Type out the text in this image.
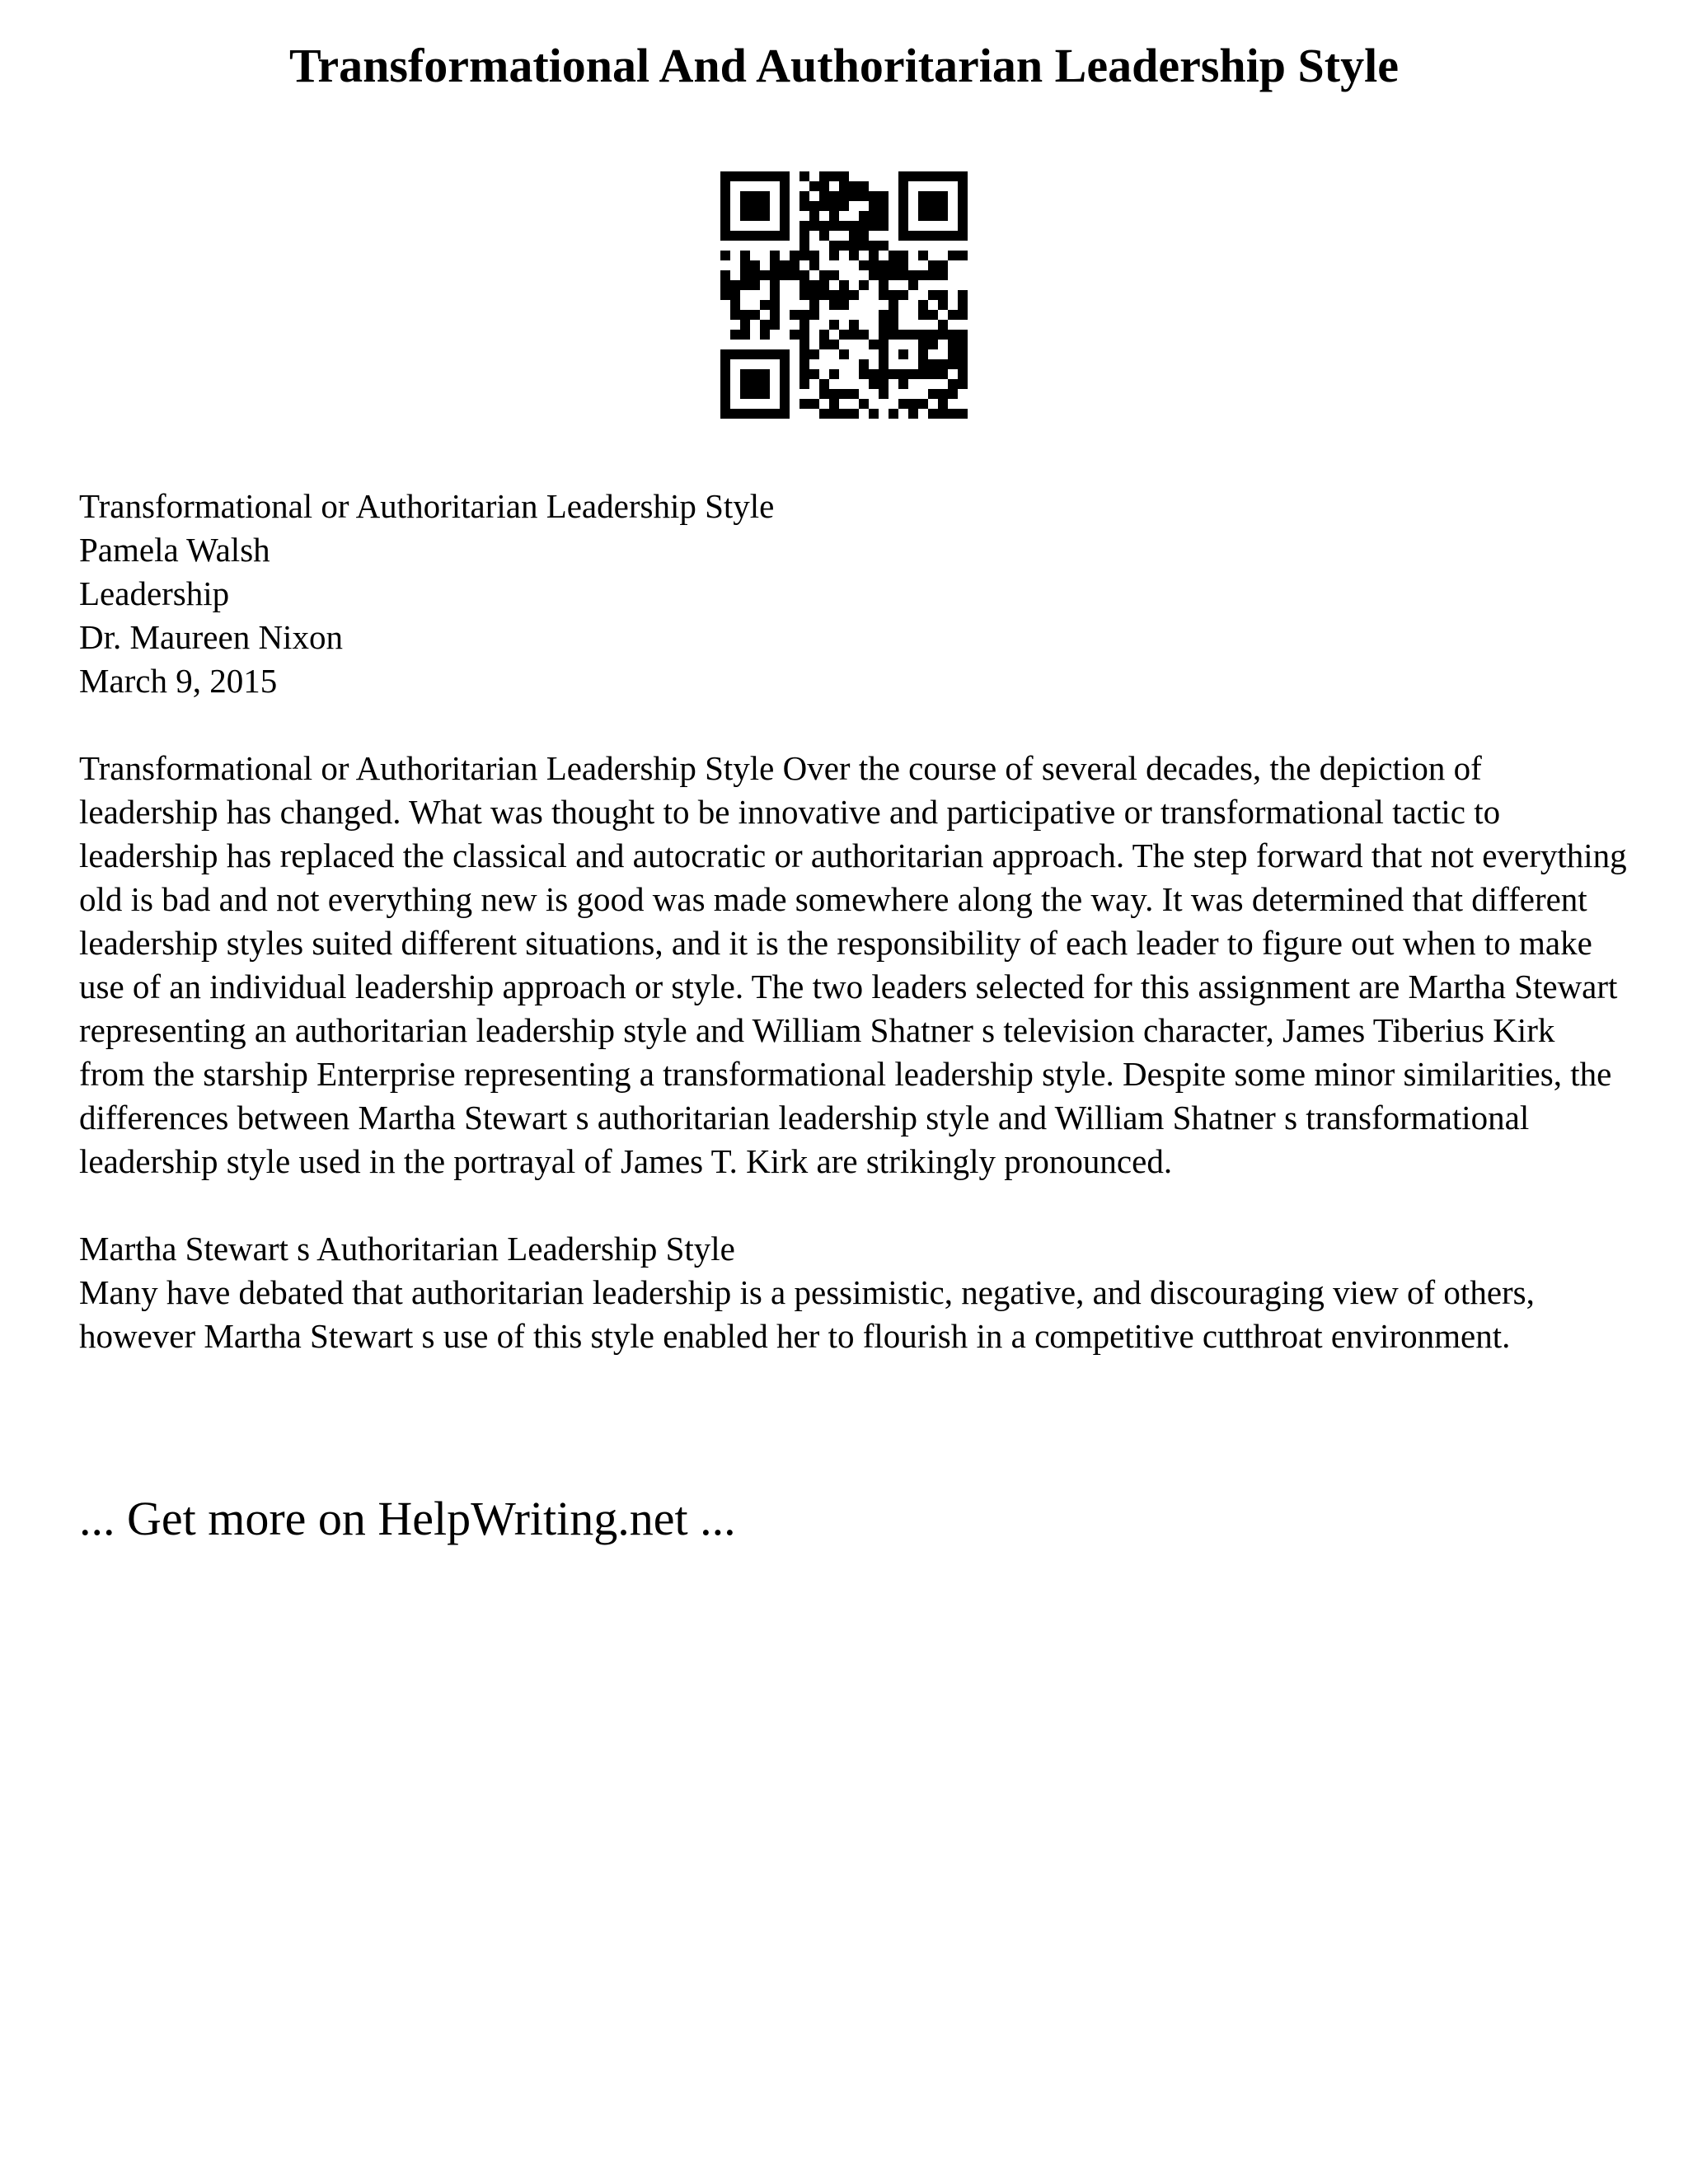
Transformational And Authoritarian Leadership Style
Transformational or Authoritarian Leadership Style
Pamela Walsh
Leadership
Dr. Maureen Nixon
March 9, 2015

Transformational or Authoritarian Leadership Style Over the course of several decades, the depiction of leadership has changed. What was thought to be innovative and participative or transformational tactic to leadership has replaced the classical and autocratic or authoritarian approach. The step forward that not everything old is bad and not everything new is good was made somewhere along the way. It was determined that different leadership styles suited different situations, and it is the responsibility of each leader to figure out when to make use of an individual leadership approach or style. The two leaders selected for this assignment are Martha Stewart representing an authoritarian leadership style and William Shatner s television character, James Tiberius Kirk from the starship Enterprise representing a transformational leadership style. Despite some minor similarities, the differences between Martha Stewart s authoritarian leadership style and William Shatner s transformational leadership style used in the portrayal of James T. Kirk are strikingly pronounced.

Martha Stewart s Authoritarian Leadership Style

Many have debated that authoritarian leadership is a pessimistic, negative, and discouraging view of others, however Martha Stewart s use of this style enabled her to flourish in a competitive cutthroat environment.

... Get more on HelpWriting.net ...
